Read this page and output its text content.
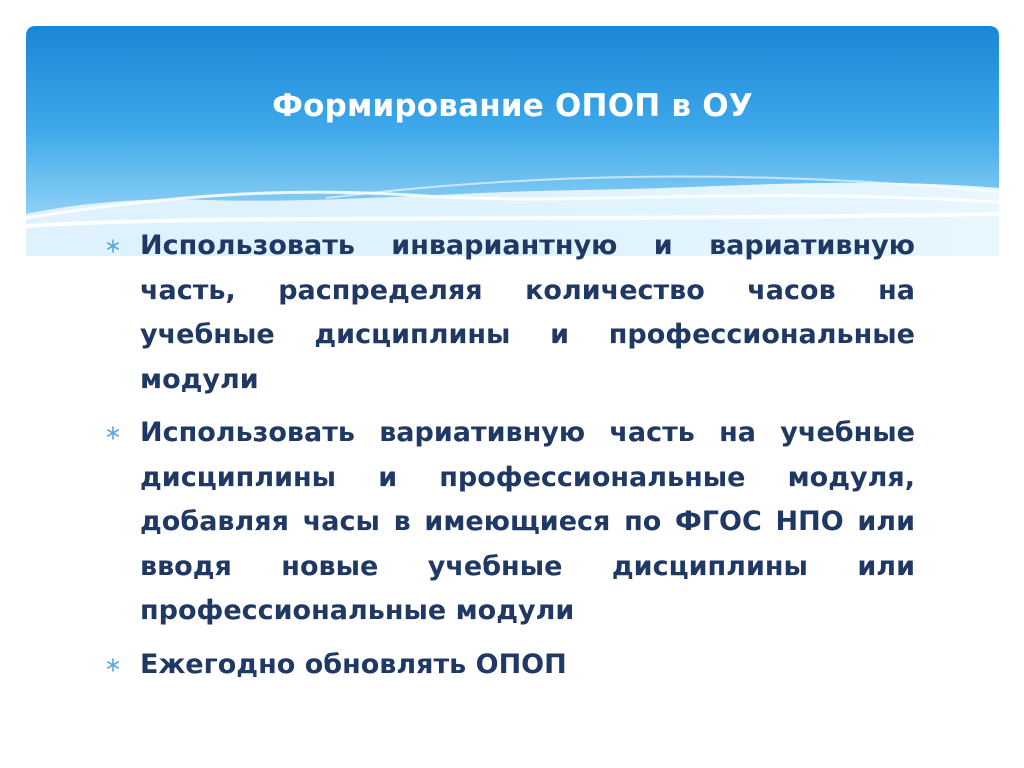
Формирование ОПОП в ОУ
Использовать инвариантную и вариативную часть, распределяя количество часов на учебные дисциплины и профессиональные модули
Использовать вариативную часть на учебные дисциплины и профессиональные модуля, добавляя часы в имеющиеся по ФГОС НПО или вводя новые учебные дисциплины или профессиональные модули
Ежегодно обновлять ОПОП
